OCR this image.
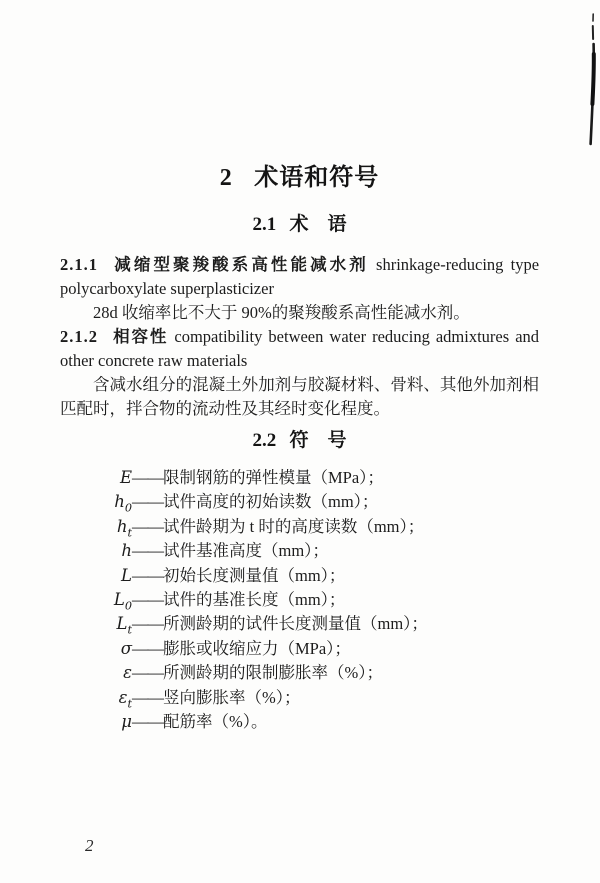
2 术语和符号
2.1 术　语

2.1.1 减缩型聚羧酸系高性能减水剂 shrinkage-reducing type polycarboxylate superplasticizer

28d 收缩率比不大于 90%的聚羧酸系高性能减水剂。

2.1.2 相容性 compatibility between water reducing admixtures and other concrete raw materials

含减水组分的混凝土外加剂与胶凝材料、骨料、其他外加剂相匹配时，拌合物的流动性及其经时变化程度。

2.2 符　号
E——限制钢筋的弹性模量（MPa）；
$h_0——$试件高度的初始读数（mm）；
$h_t——$试件龄期为 t 时的高度读数（mm）；
h——试件基准高度（mm）；
L——初始长度测量值（mm）；
$L_0——$试件的基准长度（mm）；
$L_t——$所测龄期的试件长度测量值（mm）；
σ——膨胀或收缩应力（MPa）；
ε——所测龄期的限制膨胀率（%）；
$\varepsilon_t——$竖向膨胀率（%）；
μ——配筋率（%）。
2
